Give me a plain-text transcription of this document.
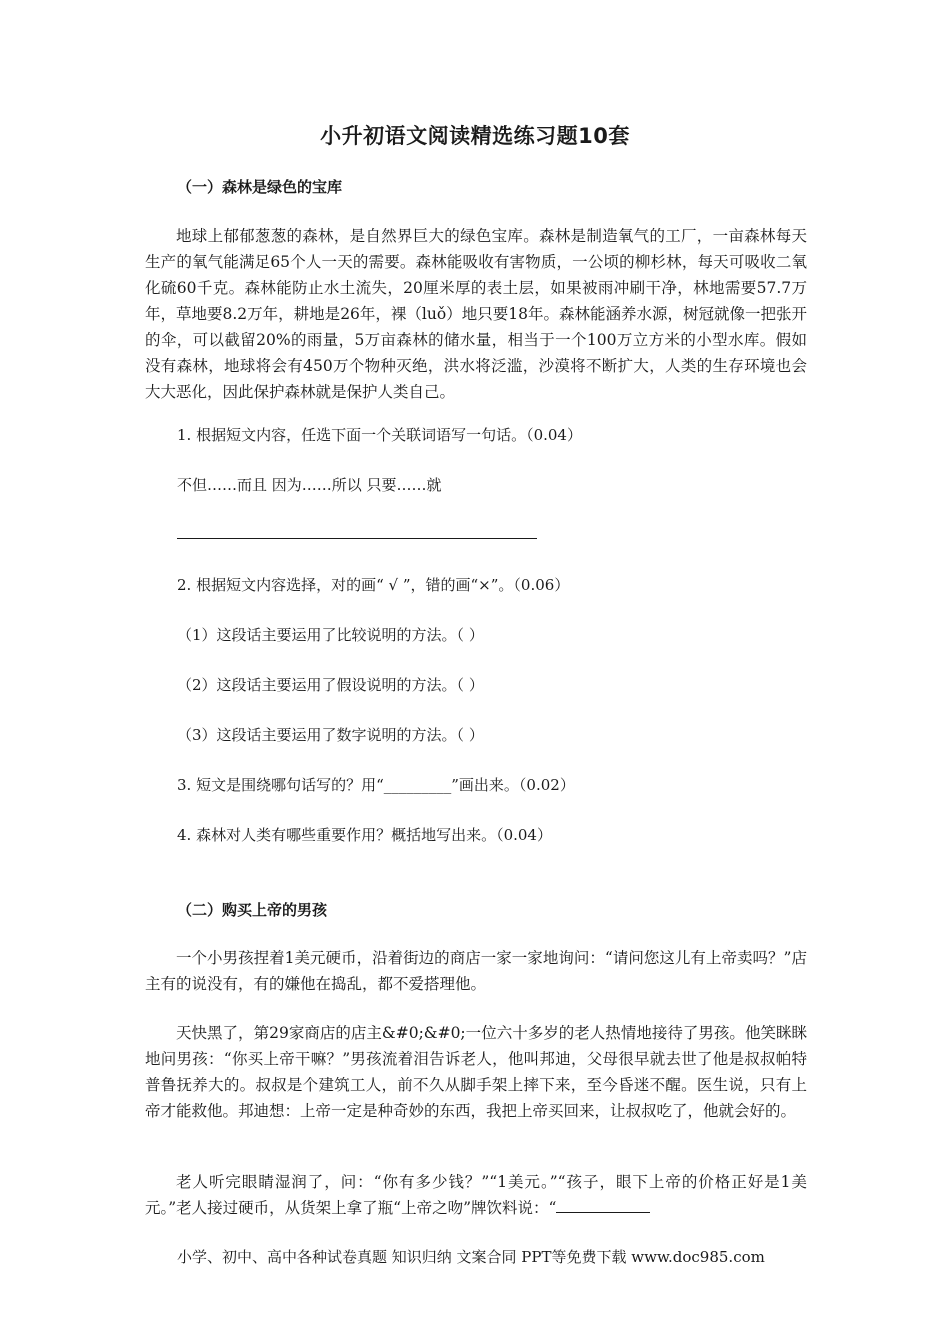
小升初语文阅读精选练习题10套
（一）森林是绿色的宝库

地球上郁郁葱葱的森林，是自然界巨大的绿色宝库。森林是制造氧气的工厂，一亩森林每天生产的氧气能满足65个人一天的需要。森林能吸收有害物质，一公顷的柳杉林，每天可吸收二氧化硫60千克。森林能防止水土流失，20厘米厚的表土层，如果被雨冲刷干净，林地需要57.7万年，草地要8.2万年，耕地是26年，裸（luǒ）地只要18年。森林能涵养水源，树冠就像一把张开的伞，可以截留20%的雨量，5万亩森林的储水量，相当于一个100万立方米的小型水库。假如没有森林，地球将会有450万个物种灭绝，洪水将泛滥，沙漠将不断扩大，人类的生存环境也会大大恶化，因此保护森林就是保护人类自己。

1. 根据短文内容，任选下面一个关联词语写一句话。（0.04）
不但……而且 因为……所以 只要……就
2. 根据短文内容选择，对的画“ √ ”，错的画“×”。（0.06）
（1）这段话主要运用了比较说明的方法。（ ）
（2）这段话主要运用了假设说明的方法。（ ）
（3）这段话主要运用了数字说明的方法。（ ）
3. 短文是围绕哪句话写的？用“_________”画出来。（0.02）
4. 森林对人类有哪些重要作用？概括地写出来。（0.04）
（二）购买上帝的男孩

一个小男孩捏着1美元硬币，沿着街边的商店一家一家地询问：“请问您这儿有上帝卖吗？”店主有的说没有，有的嫌他在捣乱，都不爱搭理他。

天快黑了，第29家商店的店主&#0;&#0;一位六十多岁的老人热情地接待了男孩。他笑眯眯地问男孩：“你买上帝干嘛？”男孩流着泪告诉老人，他叫邦迪，父母很早就去世了他是叔叔帕特普鲁抚养大的。叔叔是个建筑工人，前不久从脚手架上摔下来，至今昏迷不醒。医生说，只有上帝才能救他。邦迪想：上帝一定是种奇妙的东西，我把上帝买回来，让叔叔吃了，他就会好的。

老人听完眼睛湿润了，问：“你有多少钱？”“1美元。”“孩子，眼下上帝的价格正好是1美元。”老人接过硬币，从货架上拿了瓶“上帝之吻”牌饮料说：“

小学、初中、高中各种试卷真题 知识归纳 文案合同 PPT等免费下载 www.doc985.com
